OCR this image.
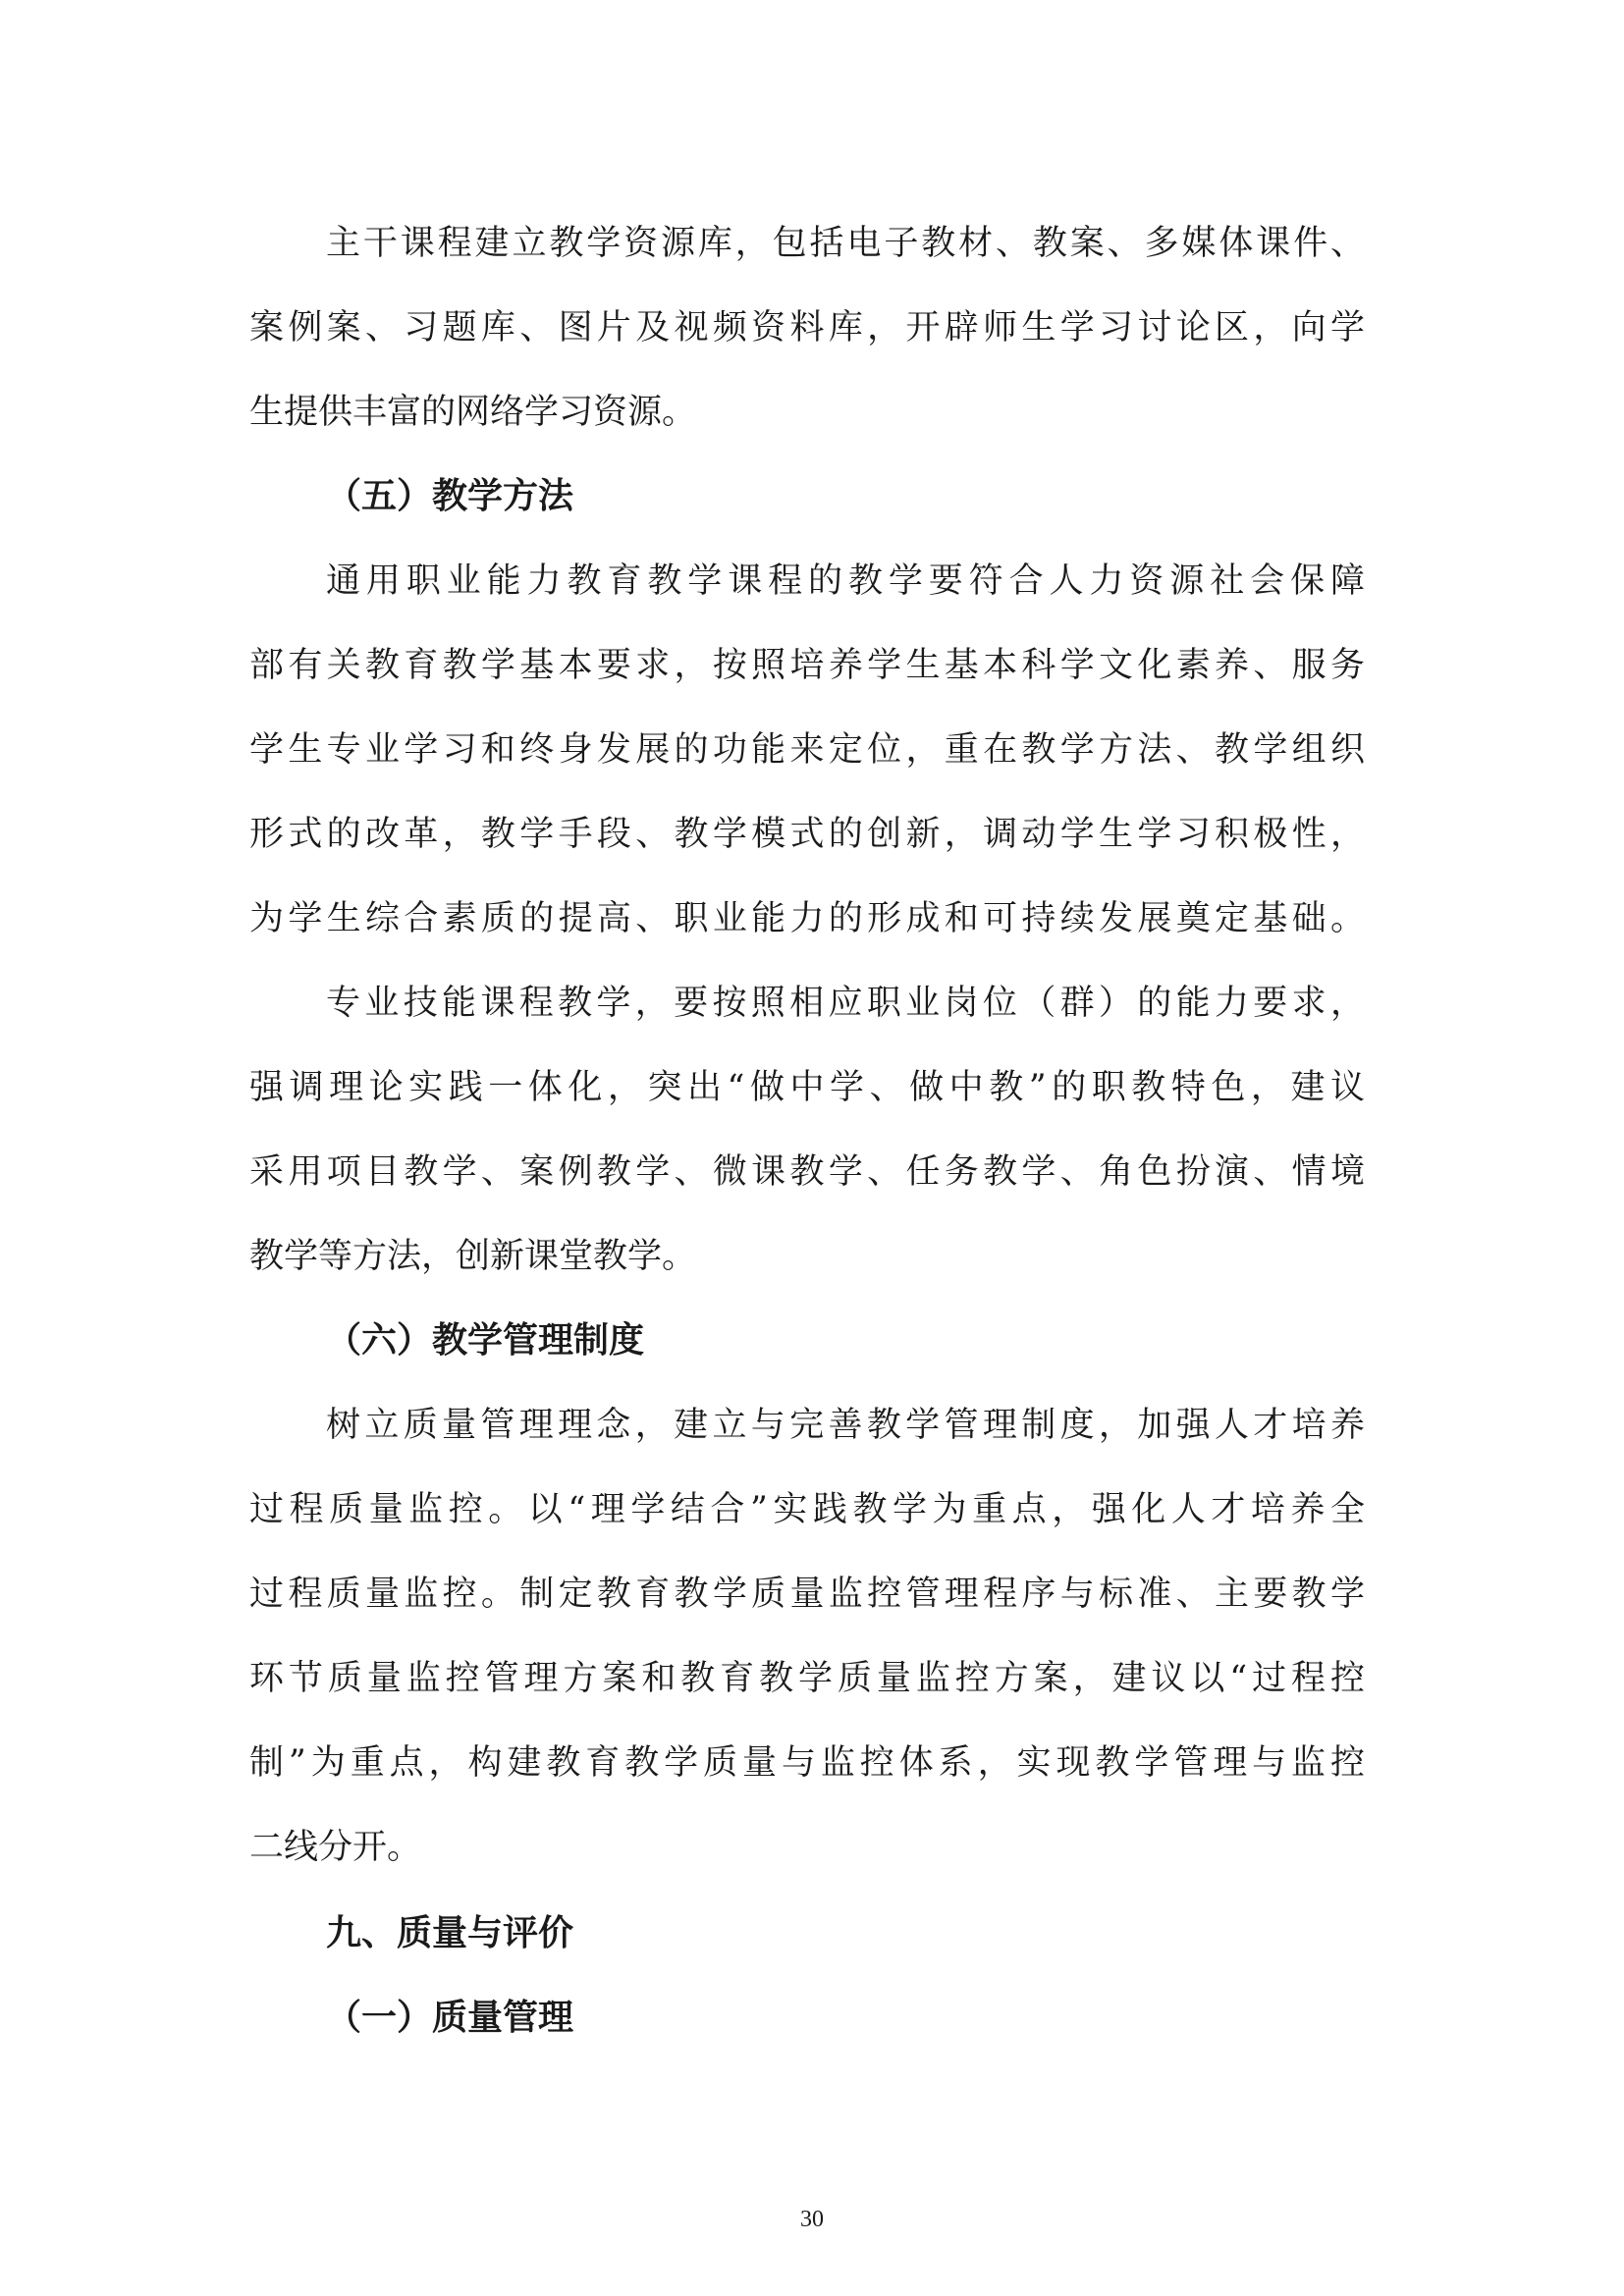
主干课程建立教学资源库，包括电子教材、教案、多媒体课件、
案例案、习题库、图片及视频资料库，开辟师生学习讨论区，向学
生提供丰富的网络学习资源。
（五）教学方法
通用职业能力教育教学课程的教学要符合人力资源社会保障
部有关教育教学基本要求，按照培养学生基本科学文化素养、服务
学生专业学习和终身发展的功能来定位，重在教学方法、教学组织
形式的改革，教学手段、教学模式的创新，调动学生学习积极性，
为学生综合素质的提高、职业能力的形成和可持续发展奠定基础。
专业技能课程教学，要按照相应职业岗位（群）的能力要求，
强调理论实践一体化，突出“做中学、做中教”的职教特色，建议
采用项目教学、案例教学、微课教学、任务教学、角色扮演、情境
教学等方法，创新课堂教学。
（六）教学管理制度
树立质量管理理念，建立与完善教学管理制度，加强人才培养
过程质量监控。以“理学结合”实践教学为重点，强化人才培养全
过程质量监控。制定教育教学质量监控管理程序与标准、主要教学
环节质量监控管理方案和教育教学质量监控方案，建议以“过程控
制”为重点，构建教育教学质量与监控体系，实现教学管理与监控
二线分开。
九、质量与评价
（一）质量管理
30
